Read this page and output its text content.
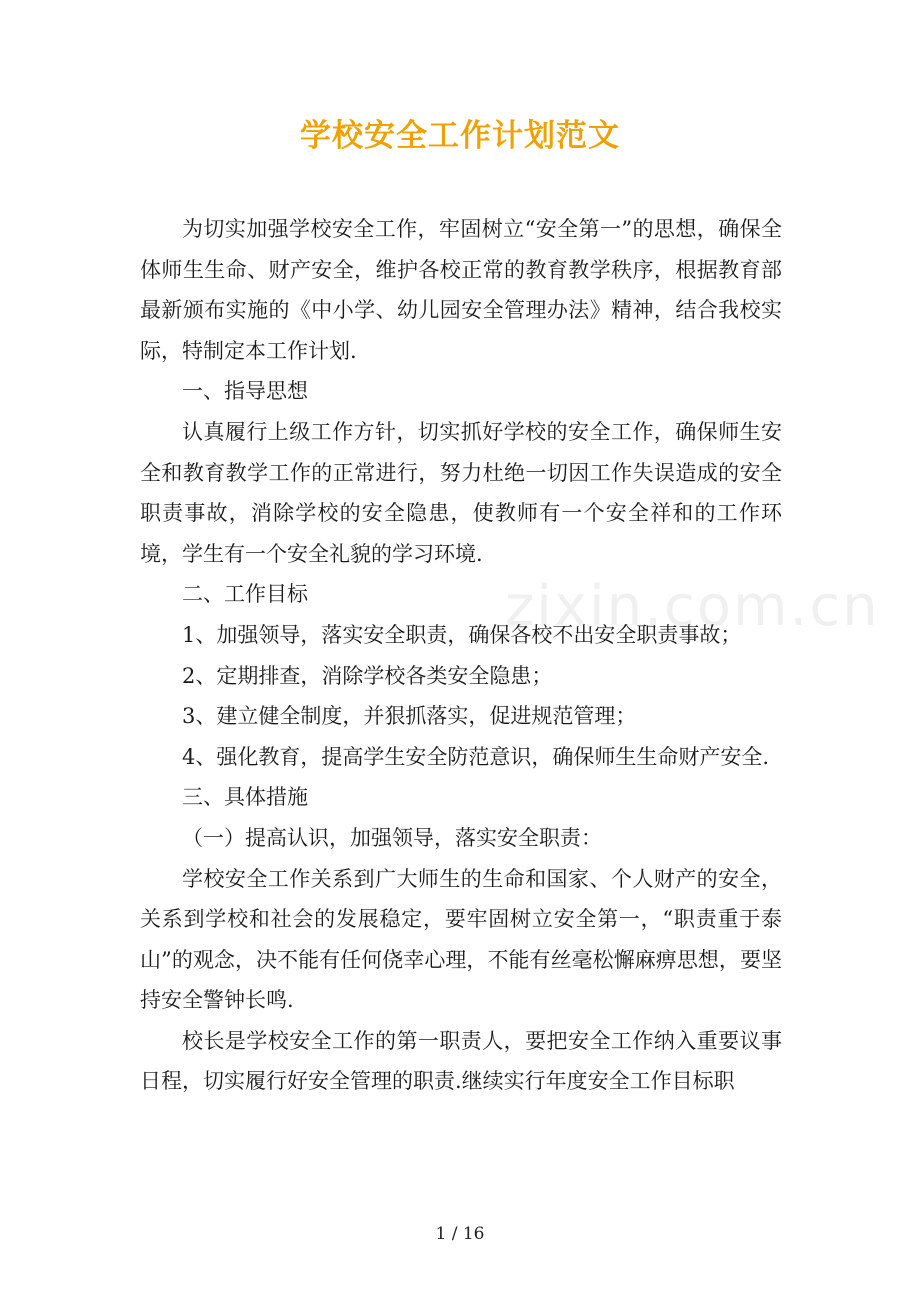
学校安全工作计划范文
zixin.com.cn

为切实加强学校安全工作，牢固树立“安全第一”的思想，确保全体师生生命、财产安全，维护各校正常的教育教学秩序，根据教育部最新颁布实施的《中小学、幼儿园安全管理办法》精神，结合我校实际，特制定本工作计划.

一、指导思想

认真履行上级工作方针，切实抓好学校的安全工作，确保师生安全和教育教学工作的正常进行，努力杜绝一切因工作失误造成的安全职责事故，消除学校的安全隐患，使教师有一个安全祥和的工作环境，学生有一个安全礼貌的学习环境.

二、工作目标

1、加强领导，落实安全职责，确保各校不出安全职责事故；

2、定期排查，消除学校各类安全隐患；

3、建立健全制度，并狠抓落实，促进规范管理；

4、强化教育，提高学生安全防范意识，确保师生生命财产安全.

三、具体措施

（一）提高认识，加强领导，落实安全职责：

学校安全工作关系到广大师生的生命和国家、个人财产的安全，关系到学校和社会的发展稳定，要牢固树立安全第一，“职责重于泰山”的观念，决不能有任何侥幸心理，不能有丝毫松懈麻痹思想，要坚持安全警钟长鸣.

校长是学校安全工作的第一职责人，要把安全工作纳入重要议事日程，切实履行好安全管理的职责.继续实行年度安全工作目标职

1 / 16
